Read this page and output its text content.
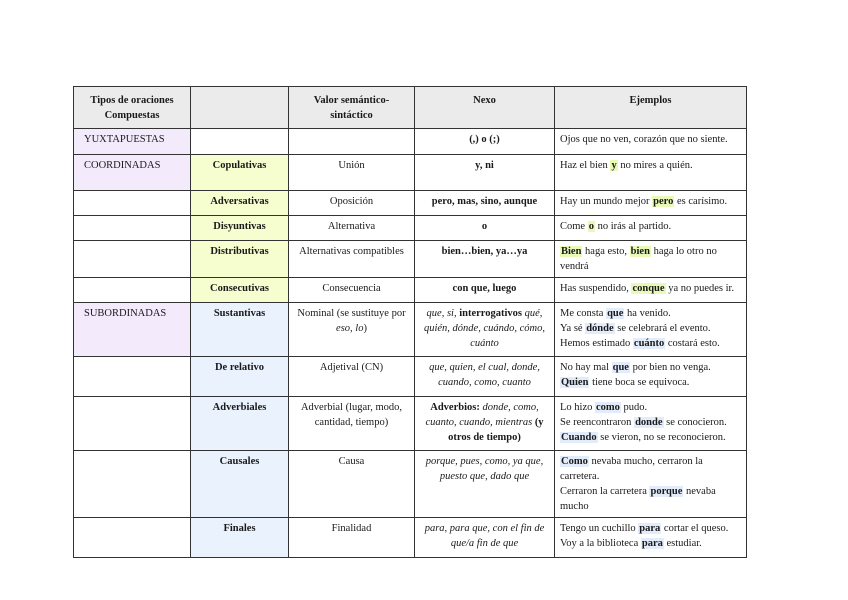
Tipos de oraciones Compuestas		Valor semántico-sintáctico	Nexo	Ejemplos
YUXTAPUESTAS			(,) o (;)	Ojos que no ven, corazón que no siente.

COORDINADAS	Copulativas	Unión	y, ni	Haz el bien y no mires a quién.

	Adversativas	Oposición	pero, mas, sino, aunque	Hay un mundo mejor pero es carísimo.

	Disyuntivas	Alternativa	o	Come o no irás al partido.

	Distributivas	Alternativas compatibles	bien…bien, ya…ya	Bien haga esto, bien haga lo otro no vendrá

	Consecutivas	Consecuencia	con que, luego	Has suspendido, conque ya no puedes ir.

SUBORDINADAS	Sustantivas	Nominal (se sustituye por eso, lo)	que, si, interrogativos qué, quién, dónde, cuándo, cómo, cuánto	Me consta que ha venido.
Ya sé dónde se celebrará el evento.
Hemos estimado cuánto costará esto.

	De relativo	Adjetival (CN)	que, quien, el cual, donde, cuando, como, cuanto	No hay mal que por bien no venga.
Quien tiene boca se equivoca.

	Adverbiales	Adverbial (lugar, modo, cantidad, tiempo)	Adverbios: donde, como, cuanto, cuando, mientras (y otros de tiempo)	Lo hizo como pudo.
Se reencontraron donde se conocieron.
Cuando se vieron, no se reconocieron.

	Causales	Causa	porque, pues, como, ya que, puesto que, dado que	Como nevaba mucho, cerraron la carretera.
Cerraron la carretera porque nevaba mucho

	Finales	Finalidad	para, para que, con el fin de que/a fin de que	Tengo un cuchillo para cortar el queso.
Voy a la biblioteca para estudiar.
